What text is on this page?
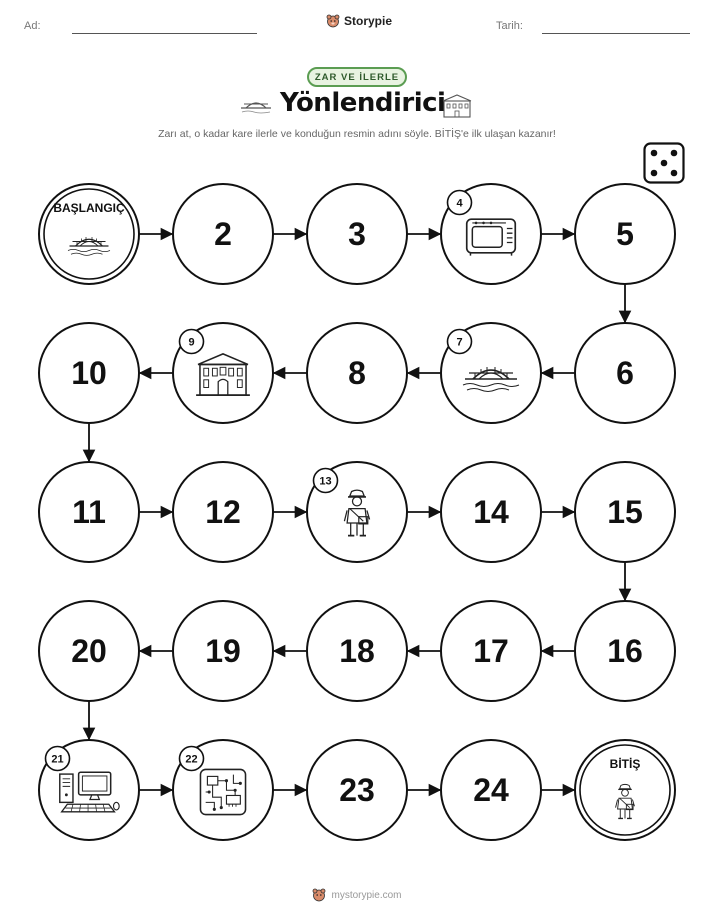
Ad:	Storypie	Tarih:
ZAR VE İLERLE
Yönlendirici
Zarı at, o kadar kare ilerle ve konduğun resmin adını söyle. BİTİŞ'e ilk ulaşan kazanır!
BAŞLANGIÇ
2	3
4
5
6
7
8
9
10
11	12
13
14	15
16
17
18
19
20
21	22
23	24
BİTİŞ
mystorypie.com
